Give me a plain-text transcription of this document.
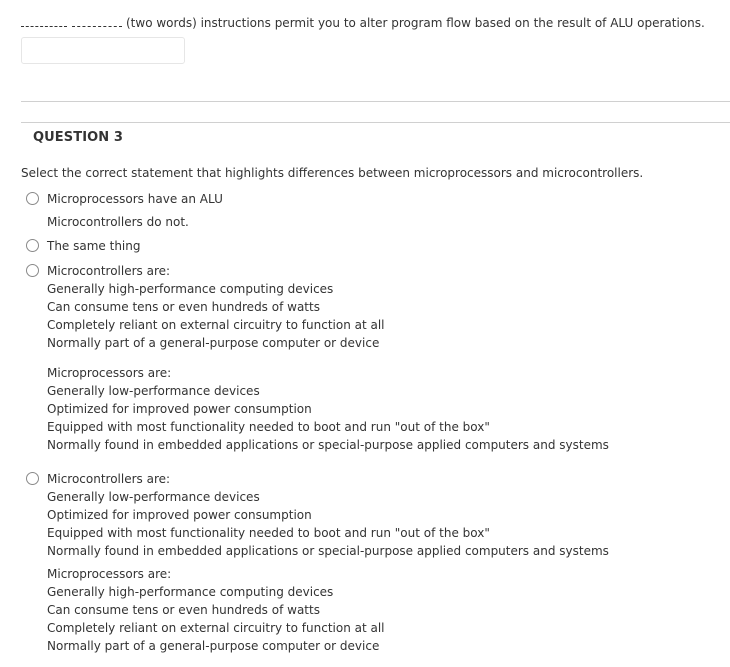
(two words) instructions permit you to alter program flow based on the result of ALU operations.
QUESTION 3
Select the correct statement that highlights differences between microprocessors and microcontrollers.
Microprocessors have an ALU
Microcontrollers do not.
The same thing
Microcontrollers are:
Generally high-performance computing devices
Can consume tens or even hundreds of watts
Completely reliant on external circuitry to function at all
Normally part of a general-purpose computer or device
Microprocessors are:
Generally low-performance devices
Optimized for improved power consumption
Equipped with most functionality needed to boot and run "out of the box"
Normally found in embedded applications or special-purpose applied computers and systems
Microcontrollers are:
Generally low-performance devices
Optimized for improved power consumption
Equipped with most functionality needed to boot and run "out of the box"
Normally found in embedded applications or special-purpose applied computers and systems
Microprocessors are:
Generally high-performance computing devices
Can consume tens or even hundreds of watts
Completely reliant on external circuitry to function at all
Normally part of a general-purpose computer or device
